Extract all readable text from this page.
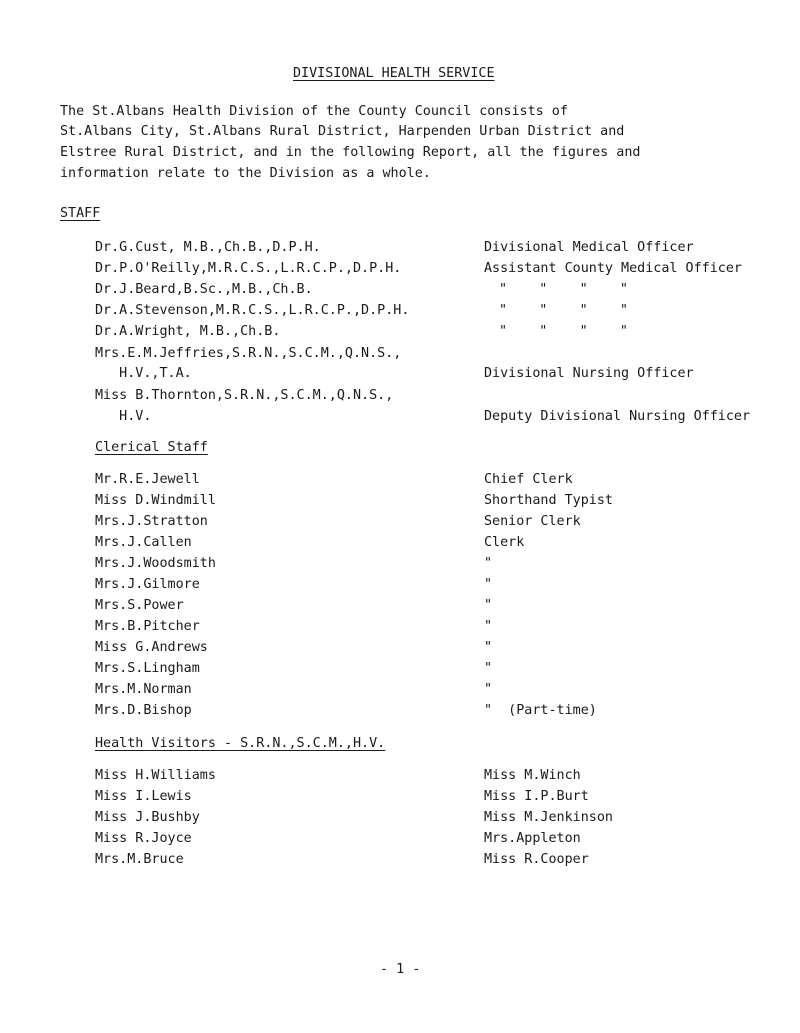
DIVISIONAL HEALTH SERVICE
The St.Albans Health Division of the County Council consists of
St.Albans City, St.Albans Rural District, Harpenden Urban District and
Elstree Rural District, and in the following Report, all the figures and
information relate to the Division as a whole.
STAFF
Dr.G.Cust, M.B.,Ch.B.,D.P.H.	Divisional Medical Officer
Dr.P.O'Reilly,M.R.C.S.,L.R.C.P.,D.P.H.	Assistant County Medical Officer
Dr.J.Beard,B.Sc.,M.B.,Ch.B.	"    "    "    "
Dr.A.Stevenson,M.R.C.S.,L.R.C.P.,D.P.H.	"    "    "    "
Dr.A.Wright, M.B.,Ch.B.	"    "    "    "
Mrs.E.M.Jeffries,S.R.N.,S.C.M.,Q.N.S.,
H.V.,T.A.	Divisional Nursing Officer
Miss B.Thornton,S.R.N.,S.C.M.,Q.N.S.,
H.V.	Deputy Divisional Nursing Officer
Clerical Staff
Mr.R.E.Jewell	Chief Clerk
Miss D.Windmill	Shorthand Typist
Mrs.J.Stratton	Senior Clerk
Mrs.J.Callen	Clerk
Mrs.J.Woodsmith	"
Mrs.J.Gilmore	"
Mrs.S.Power	"
Mrs.B.Pitcher	"
Miss G.Andrews	"
Mrs.S.Lingham	"
Mrs.M.Norman	"
Mrs.D.Bishop	"  (Part-time)
Health Visitors - S.R.N.,S.C.M.,H.V.
Miss H.Williams	Miss M.Winch
Miss I.Lewis	Miss I.P.Burt
Miss J.Bushby	Miss M.Jenkinson
Miss R.Joyce	Mrs.Appleton
Mrs.M.Bruce	Miss R.Cooper
- 1 -
